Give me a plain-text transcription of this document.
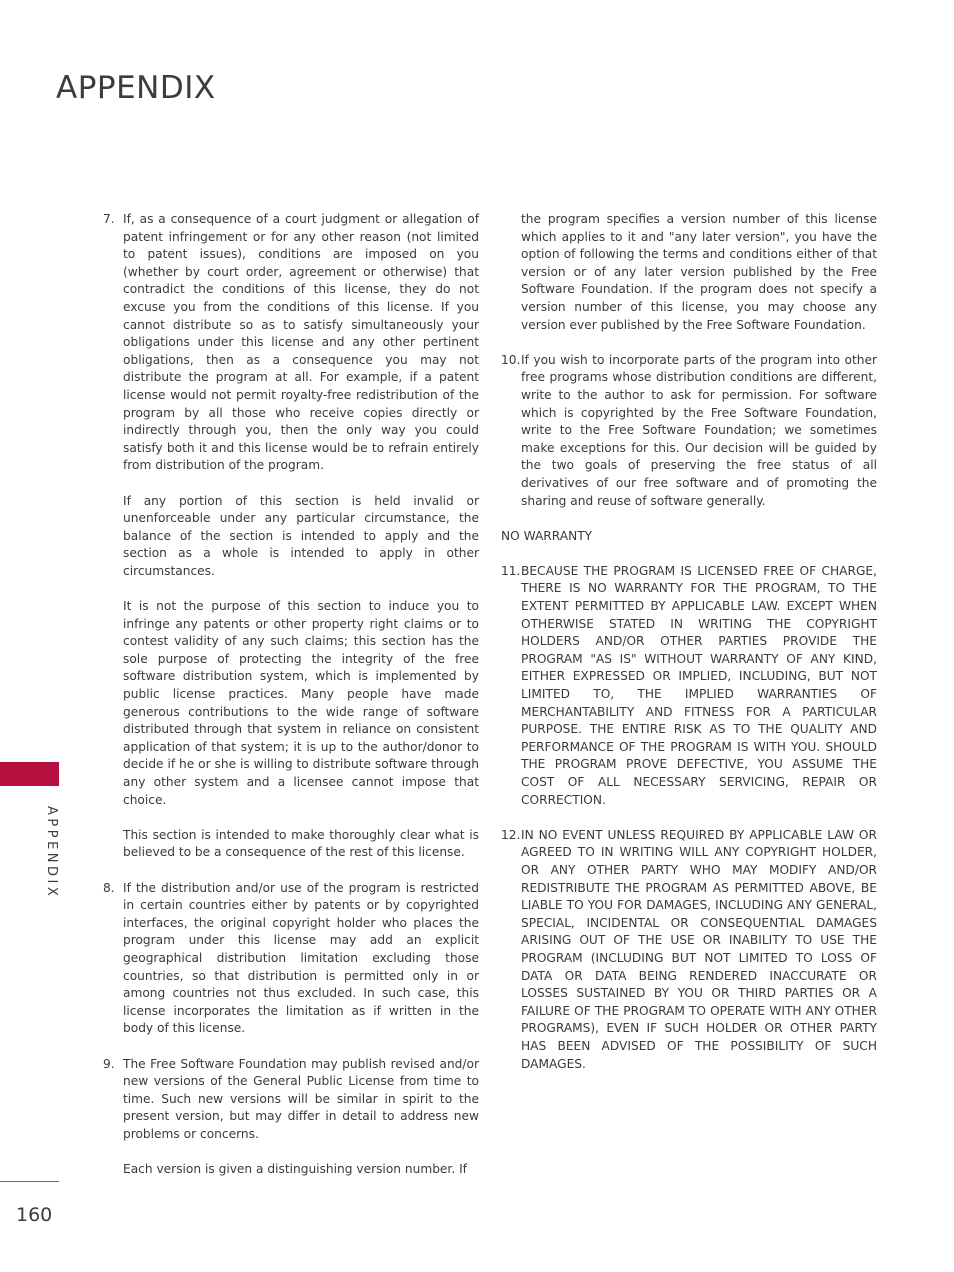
APPENDIX
7. If, as a consequence of a court judgment or allegation of patent infringement or for any other reason (not limited to patent issues), conditions are imposed on you (whether by court order, agreement or otherwise) that contradict the conditions of this license, they do not excuse you from the conditions of this license. If you cannot distribute so as to satisfy simultaneously your obligations under this license and any other pertinent obligations, then as a consequence you may not distribute the program at all. For example, if a patent license would not permit royalty-free redistribution of the program by all those who receive copies directly or indirectly through you, then the only way you could satisfy both it and this license would be to refrain entirely from distribution of the program.
If any portion of this section is held invalid or unenforceable under any particular circumstance, the balance of the section is intended to apply and the section as a whole is intended to apply in other circumstances.
It is not the purpose of this section to induce you to infringe any patents or other property right claims or to contest validity of any such claims; this section has the sole purpose of protecting the integrity of the free software distribution system, which is implemented by public license practices. Many people have made generous contributions to the wide range of software distributed through that system in reliance on consistent application of that system; it is up to the author/donor to decide if he or she is willing to distribute software through any other system and a licensee cannot impose that choice.
This section is intended to make thoroughly clear what is believed to be a consequence of the rest of this license.
8. If the distribution and/or use of the program is restricted in certain countries either by patents or by copyrighted interfaces, the original copyright holder who places the program under this license may add an explicit geographical distribution limitation excluding those countries, so that distribution is permitted only in or among countries not thus excluded. In such case, this license incorporates the limitation as if written in the body of this license.
9. The Free Software Foundation may publish revised and/or new versions of the General Public License from time to time. Such new versions will be similar in spirit to the present version, but may differ in detail to address new problems or concerns.
Each version is given a distinguishing version number. If
the program specifies a version number of this license which applies to it and "any later version", you have the option of following the terms and conditions either of that version or of any later version published by the Free Software Foundation. If the program does not specify a version number of this license, you may choose any version ever published by the Free Software Foundation.
10. If you wish to incorporate parts of the program into other free programs whose distribution conditions are different, write to the author to ask for permission. For software which is copyrighted by the Free Software Foundation, write to the Free Software Foundation; we sometimes make exceptions for this. Our decision will be guided by the two goals of preserving the free status of all derivatives of our free software and of promoting the sharing and reuse of software generally.
NO WARRANTY
11. BECAUSE THE PROGRAM IS LICENSED FREE OF CHARGE, THERE IS NO WARRANTY FOR THE PROGRAM, TO THE EXTENT PERMITTED BY APPLICABLE LAW. EXCEPT WHEN OTHERWISE STATED IN WRITING THE COPYRIGHT HOLDERS AND/OR OTHER PARTIES PROVIDE THE PROGRAM "AS IS" WITHOUT WARRANTY OF ANY KIND, EITHER EXPRESSED OR IMPLIED, INCLUDING, BUT NOT LIMITED TO, THE IMPLIED WARRANTIES OF MERCHANTABILITY AND FITNESS FOR A PARTICULAR PURPOSE. THE ENTIRE RISK AS TO THE QUALITY AND PERFORMANCE OF THE PROGRAM IS WITH YOU. SHOULD THE PROGRAM PROVE DEFECTIVE, YOU ASSUME THE COST OF ALL NECESSARY SERVICING, REPAIR OR CORRECTION.
12. IN NO EVENT UNLESS REQUIRED BY APPLICABLE LAW OR AGREED TO IN WRITING WILL ANY COPYRIGHT HOLDER, OR ANY OTHER PARTY WHO MAY MODIFY AND/OR REDISTRIBUTE THE PROGRAM AS PERMITTED ABOVE, BE LIABLE TO YOU FOR DAMAGES, INCLUDING ANY GENERAL, SPECIAL, INCIDENTAL OR CONSEQUENTIAL DAMAGES ARISING OUT OF THE USE OR INABILITY TO USE THE PROGRAM (INCLUDING BUT NOT LIMITED TO LOSS OF DATA OR DATA BEING RENDERED INACCURATE OR LOSSES SUSTAINED BY YOU OR THIRD PARTIES OR A FAILURE OF THE PROGRAM TO OPERATE WITH ANY OTHER PROGRAMS), EVEN IF SUCH HOLDER OR OTHER PARTY HAS BEEN ADVISED OF THE POSSIBILITY OF SUCH DAMAGES.
APPENDIX
160
